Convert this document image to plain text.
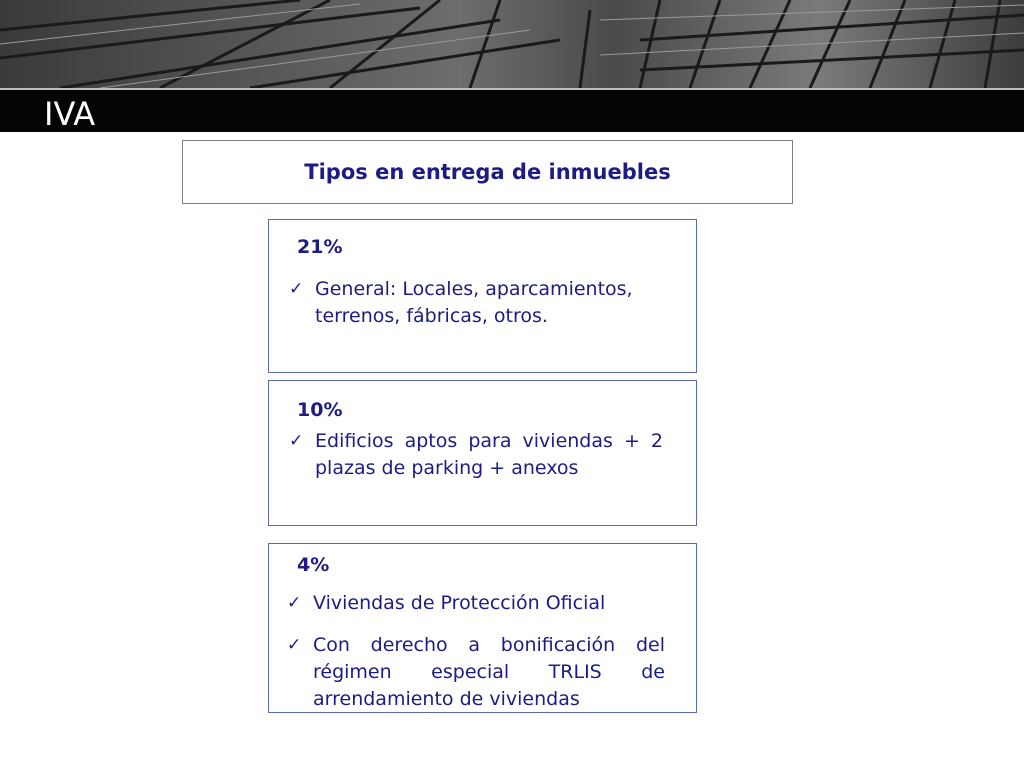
IVA
Tipos en entrega de inmuebles
21%
✓ General: Locales, aparcamientos, terrenos, fábricas, otros.
10%
✓ Edificios aptos para viviendas + 2 plazas de parking + anexos
4%
✓ Viviendas de Protección Oficial
✓ Con derecho a bonificación del régimen especial TRLIS de arrendamiento de viviendas
